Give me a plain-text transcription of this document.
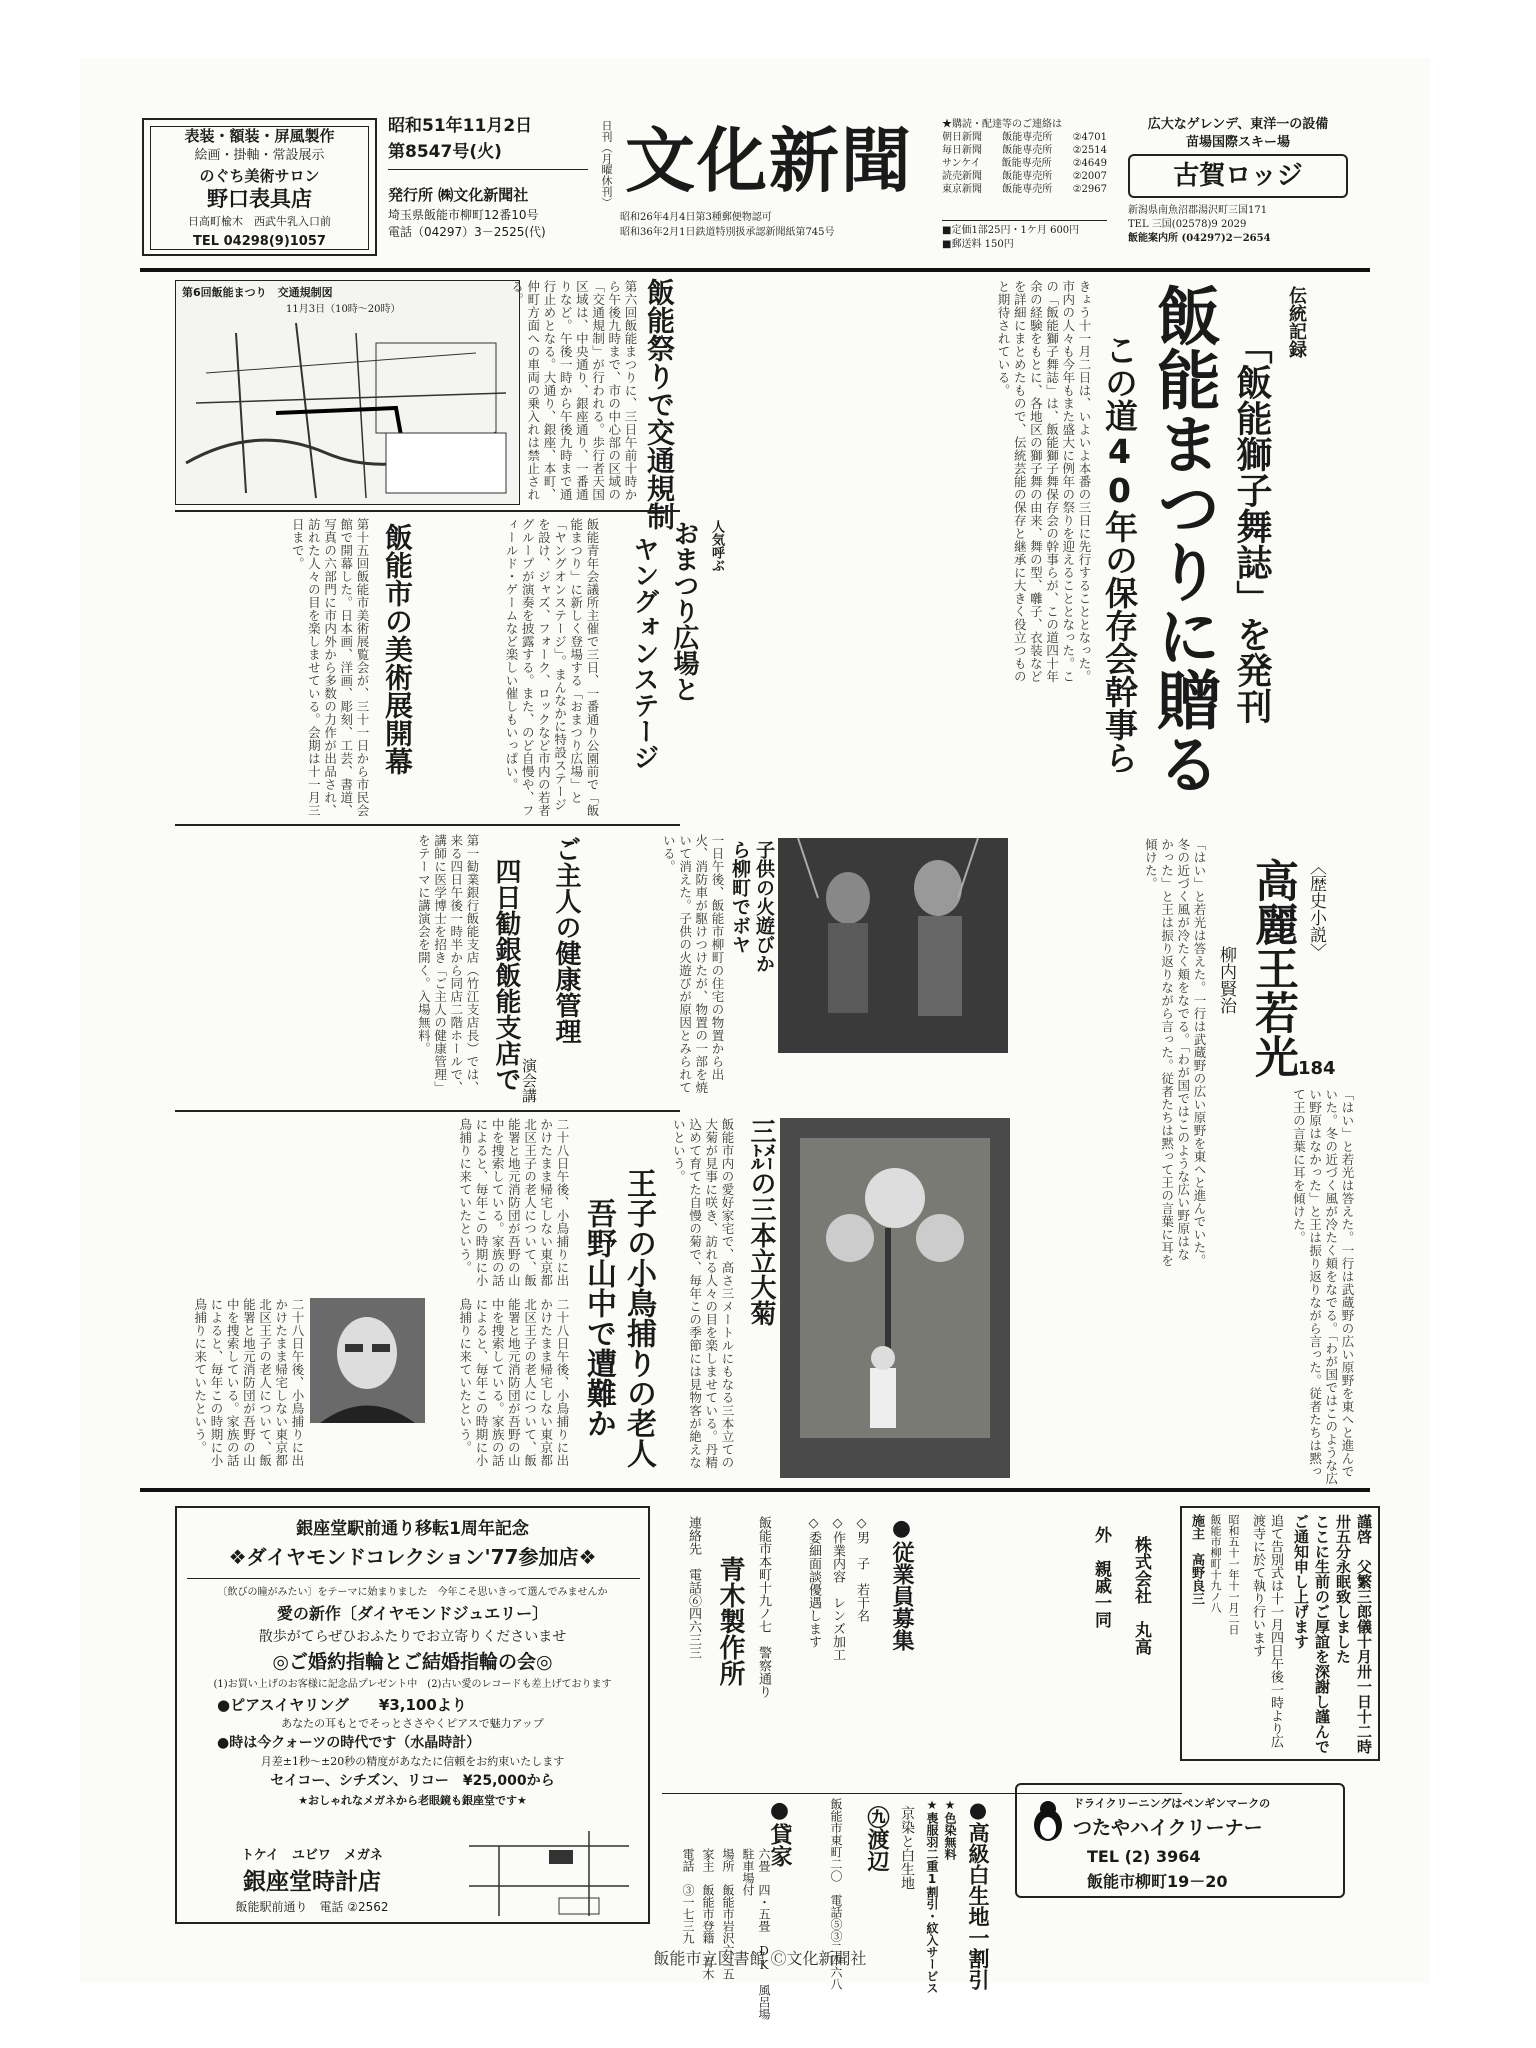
表装・額装・屏風製作
絵画・掛軸・常設展示
のぐち美術サロン
野口表具店
日高町楡木　西武牛乳入口前
TEL 04298(9)1057
昭和51年11月2日
第8547号(火)
発行所 ㈱文化新聞社
埼玉県飯能市柳町12番10号
電話（04297）3－2525(代)
日刊（月曜休刊） 文化新聞
昭和26年4月4日第3種郵便物認可
昭和36年2月1日鉄道特別扱承認新聞紙第745号
★購読・配達等のご連絡は
朝日新聞 飯能専売所 ②4701
毎日新聞 飯能専売所 ②2514
サンケイ 飯能専売所 ②4649
読売新聞 飯能専売所 ②2007
東京新聞 飯能専売所 ②2967
■定価1部25円・1ケ月 600円
■郵送料 150円
広大なゲレンデ、東洋一の設備
苗場国際スキー場
古賀ロッジ
新潟県南魚沼郡湯沢町三国171
TEL 三国(02578)9 2029
飯能案内所 (04297)2－2654
伝統記録
「飯能獅子舞誌」を発刊
飯能まつりに贈る
この道40年の保存会幹事ら
きょう十一月二日は、いよいよ本番の三日に先行することとなった。市内の人々も今年もまた盛大に例年の祭りを迎えることとなった。この「飯能獅子舞誌」は、飯能獅子舞保存会の幹事らが、この道四十年余の経験をもとに、各地区の獅子舞の由来、舞の型、囃子、衣装などを詳細にまとめたもので、伝統芸能の保存と継承に大きく役立つものと期待されている。
第6回飯能まつり　交通規制図
11月3日（10時～20時）	飯能祭りで交通規制
第六回飯能まつりに、三日午前十時から午後九時まで、市の中心部の区域の「交通規制」が行われる。歩行者天国区域は、中央通り、銀座通り、一番通りなど。午後一時から午後九時まで通行止めとなる。大通り、銀座、本町、仲町方面への車両の乗入れは禁止される。
飯能市の美術展開幕
第十五回飯能市美術展覧会が、三十一日から市民会館で開幕した。日本画、洋画、彫刻、工芸、書道、写真の六部門に市内外から多数の力作が出品され、訪れた人々の目を楽しませている。会期は十一月三日まで。	飯能青年会議所主催で三日、一番通り公園前で「飯能まつり」に新しく登場する「おまつり広場」と「ヤングオンステージ」。まんなかに特設ステージを設け、ジャズ、フォーク、ロックなど市内の若者グループが演奏を披露する。また、のど自慢や、フィールド・ゲームなど楽しい催しもいっぱい。	人気呼ぶ
おまつり広場と
ヤングォンステージ
子供の火遊びか
ら柳町でボヤ
一日午後、飯能市柳町の住宅の物置から出火、消防車が駆けつけたが、物置の一部を焼いて消えた。子供の火遊びが原因とみられている。
ご主人の健康管理
演会講
四日勧銀飯能支店で
第一勧業銀行飯能支店（竹江支店長）では、来る四日午後一時半から同店二階ホールで、講師に医学博士を招き「ご主人の健康管理」をテーマに講演会を開く。入場無料。	〈歴史小説〉
高麗王若光
柳内賢治
184
「はい」と若光は答えた。一行は武蔵野の広い原野を東へと進んでいた。冬の近づく風が冷たく頬をなでる。「わが国ではこのような広い野原はなかった」と王は振り返りながら言った。従者たちは黙って王の言葉に耳を傾けた。
「はい」と若光は答えた。一行は武蔵野の広い原野を東へと進んでいた。冬の近づく風が冷たく頬をなでる。「わが国ではこのような広い野原はなかった」と王は振り返りながら言った。従者たちは黙って王の言葉に耳を傾けた。
三㍍の三本立大菊
飯能市内の愛好家宅で、高さ三メートルにもなる三本立ての大菊が見事に咲き、訪れる人々の目を楽しませている。丹精込めて育てた自慢の菊で、毎年この季節には見物客が絶えないという。
王子の小鳥捕りの老人
吾野山中で遭難か
二十八日午後、小鳥捕りに出かけたまま帰宅しない東京都北区王子の老人について、飯能署と地元消防団が吾野の山中を捜索している。家族の話によると、毎年この時期に小鳥捕りに来ていたという。
二十八日午後、小鳥捕りに出かけたまま帰宅しない東京都北区王子の老人について、飯能署と地元消防団が吾野の山中を捜索している。家族の話によると、毎年この時期に小鳥捕りに来ていたという。	二十八日午後、小鳥捕りに出かけたまま帰宅しない東京都北区王子の老人について、飯能署と地元消防団が吾野の山中を捜索している。家族の話によると、毎年この時期に小鳥捕りに来ていたという。
銀座堂駅前通り移転1周年記念
❖ダイヤモンドコレクション'77参加店❖
〔飲びの瞳がみたい〕をテーマに始まりました　今年こそ思いきって選んでみませんか
愛の新作〔ダイヤモンドジュエリー〕
散歩がてらぜひおふたりでお立寄りくださいませ
◎ご婚約指輪とご結婚指輪の会◎
(1)お買い上げのお客様に記念品プレゼント中　(2)古い愛のレコードも差上げております
●ピアスイヤリング　　¥3,100より
あなたの耳もとでそっとささやくピアスで魅力アップ
●時は今クォーツの時代です（水晶時計）
月差±1秒～±20秒の精度があなたに信頼をお約束いたします
セイコー、シチズン、リコー　¥25,000から
★おしゃれなメガネから老眼鏡も銀座堂です★
トケイ　ユビワ　メガネ
銀座堂時計店
飯能駅前通り　電話 ②2562
●従業員募集
◇男　子　若干名
◇作業内容　レンズ加工
◇委細面談優遇します
飯能市本町十九ノ七　警察通り
青木製作所
連絡先　電話⑥四六三三
●高級白生地一割引
★色染無料
★喪服羽二重1割引・紋入サービス
京染と白生地
㊈渡辺
飯能市東町二〇　電話⑤③二四六八
●貸家
六畳　四・五畳　DK　風呂場　駐車場付
場所　飯能市岩沢六二五
家主　飯能市登籍　青木
電話　③一七三九
謹啓　父繁三郎儀十月卅一日十二時卅五分永眠致しました
ここに生前のご厚誼を深謝し謹んでご通知申し上げます
追て告別式は十一月四日午後一時より広渡寺に於て執り行います
昭和五十一年十一月二日
飯能市柳町十九ノ八
施主　高野良三
株式会社　丸高
外　親戚一同
ドライクリーニングはペンギンマークの
つたやハイクリーナー
TEL (2) 3964
飯能市柳町19－20
飯能市立図書館 Ⓒ文化新聞社
